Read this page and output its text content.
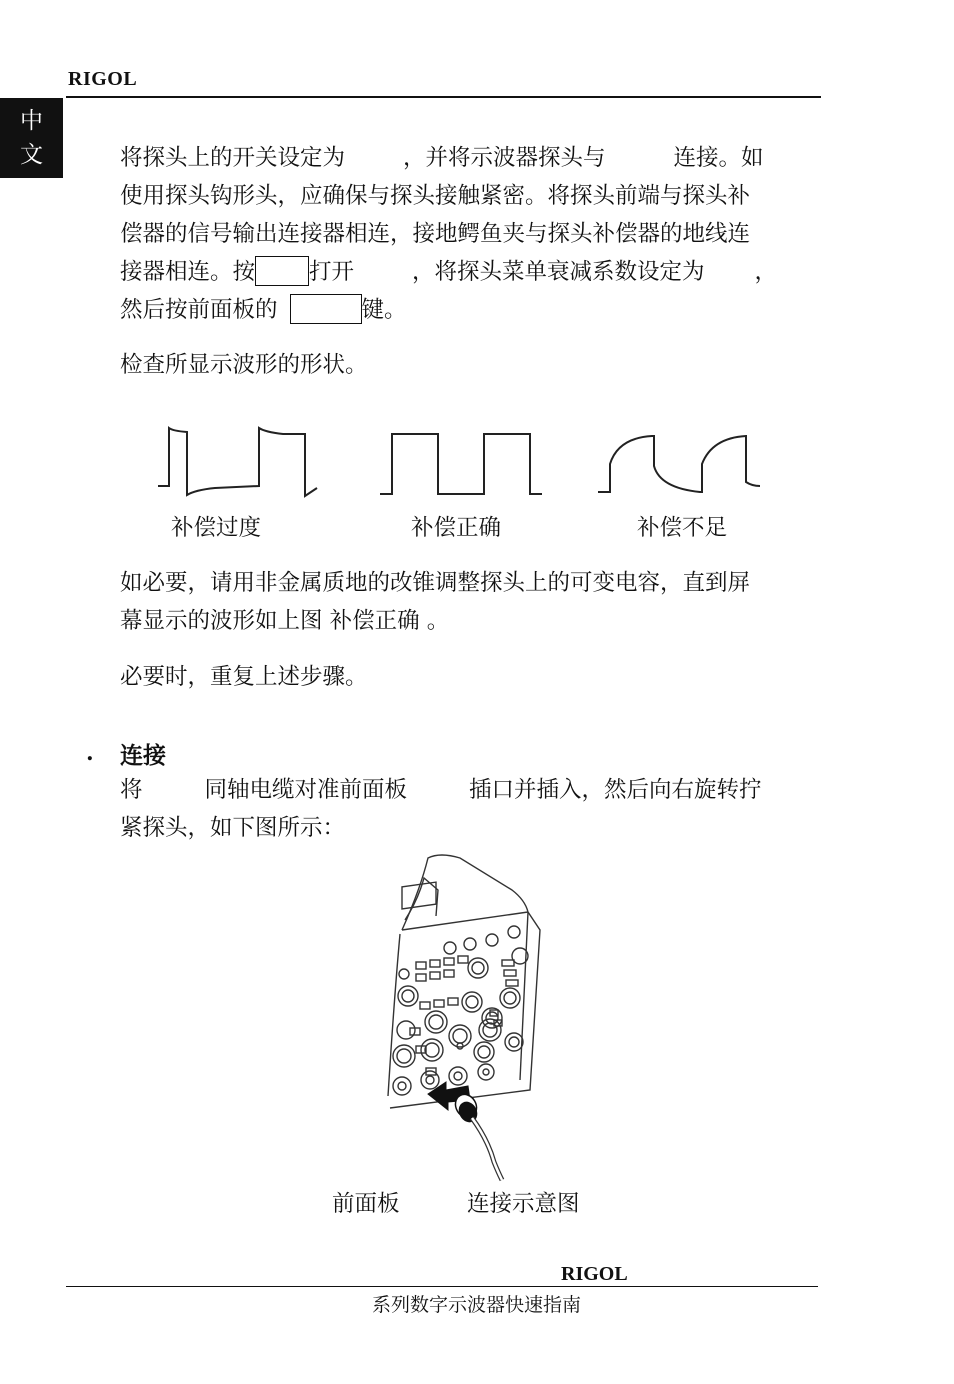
RIGOL
中
文	将探头上的开关设定为	，并将示波器探头与	连接。如
使用探头钩形头，应确保与探头接触紧密。将探头前端与探头补
偿器的信号输出连接器相连，接地鳄鱼夹与探头补偿器的地线连
接器相连。按 打开	，将探头菜单衰减系数设定为 ，
然后按前面板的	键。
检查所显示波形的形状。
补偿过度	补偿正确	补偿不足
如必要，请用非金属质地的改锥调整探头上的可变电容，直到屏
幕显示的波形如上图 补偿正确 。
必要时，重复上述步骤。
. 连接
将	同轴电缆对准前面板	插口并插入，然后向右旋转拧
紧探头，如下图所示：
前面板	连接示意图
RIGOL
系列数字示波器快速指南
